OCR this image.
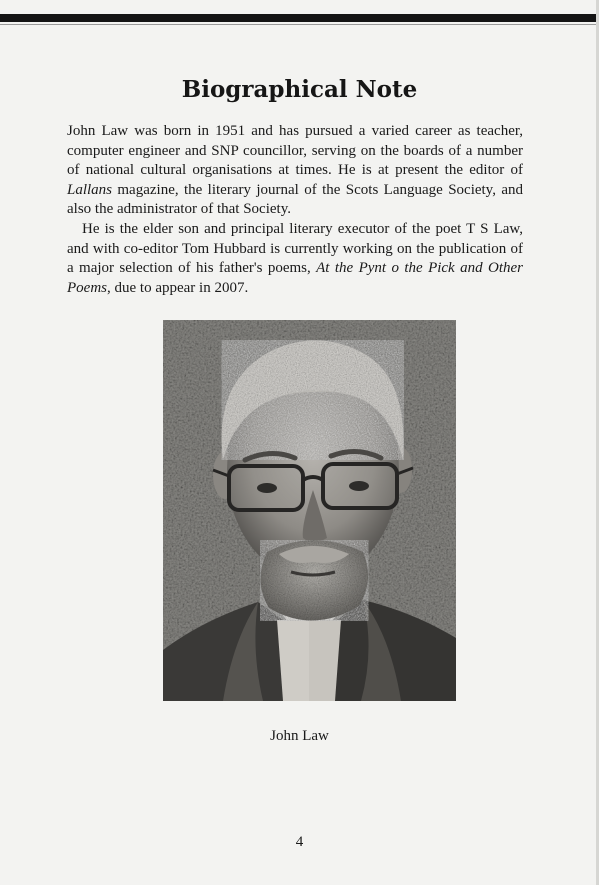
Biographical Note

John Law was born in 1951 and has pursued a varied career as teacher, computer engineer and SNP councillor, serving on the boards of a number of national cultural organisations at times. He is at present the editor of Lallans magazine, the literary journal of the Scots Language Society, and also the administrator of that Society.

He is the elder son and principal literary executor of the poet T S Law, and with co-editor Tom Hubbard is currently working on the publication of a major selection of his father's poems, At the Pynt o the Pick and Other Poems, due to appear in 2007.

John Law
4
